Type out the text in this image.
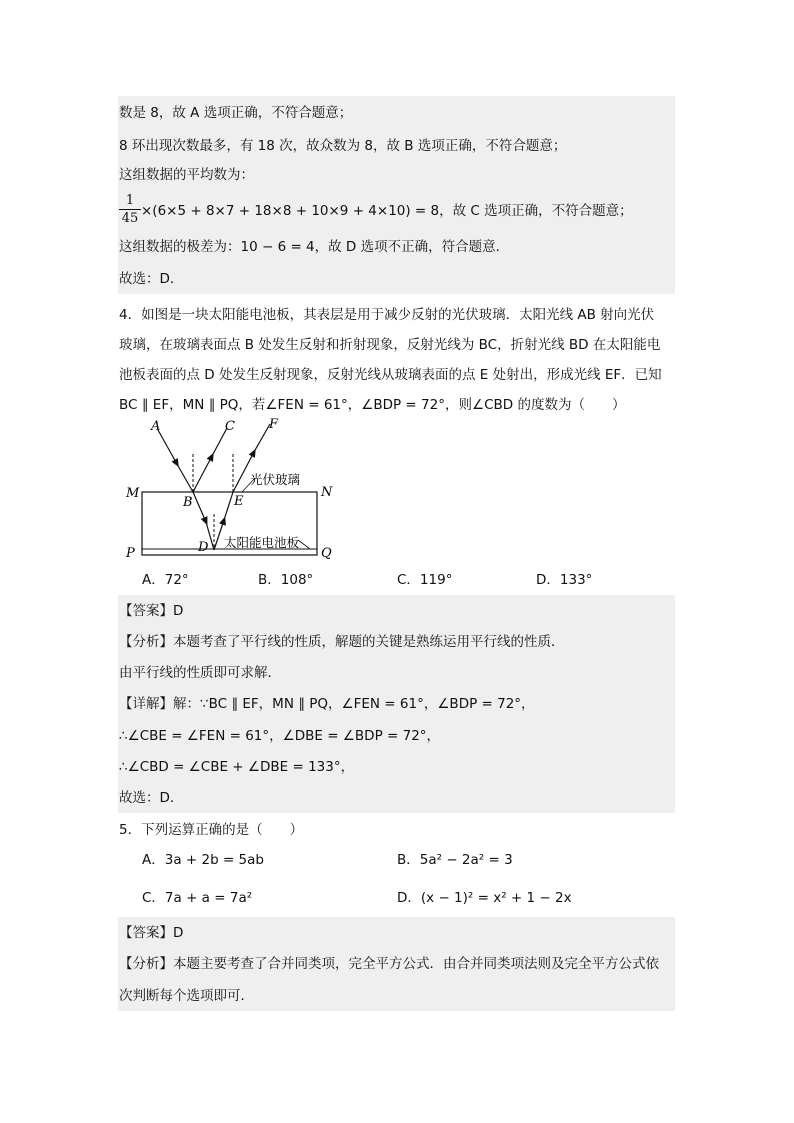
数是 8，故 A 选项正确，不符合题意；
8 环出现次数最多，有 18 次，故众数为 8，故 B 选项正确，不符合题意；
这组数据的平均数为：
1
45 ×(6×5 + 8×7 + 18×8 + 10×9 + 4×10) = 8，故 C 选项正确，不符合题意；
这组数据的极差为：10 − 6 = 4，故 D 选项不正确，符合题意．
故选：D．
4．如图是一块太阳能电池板，其表层是用于减少反射的光伏玻璃．太阳光线 AB 射向光伏
玻璃，在玻璃表面点 B 处发生反射和折射现象，反射光线为 BC，折射光线 BD 在太阳能电
池板表面的点 D 处发生反射现象，反射光线从玻璃表面的点 E 处射出，形成光线 EF．已知
BC ∥ EF，MN ∥ PQ，若∠FEN = 61°，∠BDP = 72°，则∠CBD 的度数为（　　）
A	C	F
M	N
B	E
P	Q
D
光伏玻璃
太阳能电池板
A．72°	B．108°	C．119°	D．133°
【答案】D
【分析】本题考查了平行线的性质，解题的关键是熟练运用平行线的性质．
由平行线的性质即可求解．
【详解】解：∵BC ∥ EF，MN ∥ PQ，∠FEN = 61°，∠BDP = 72°，
∴∠CBE = ∠FEN = 61°，∠DBE = ∠BDP = 72°，
∴∠CBD = ∠CBE + ∠DBE = 133°，
故选：D．
5．下列运算正确的是（　　）
A．3a + 2b = 5ab	B．5a² − 2a² = 3
C．7a + a = 7a²	D．(x − 1)² = x² + 1 − 2x
【答案】D
【分析】本题主要考查了合并同类项，完全平方公式．由合并同类项法则及完全平方公式依
次判断每个选项即可．
